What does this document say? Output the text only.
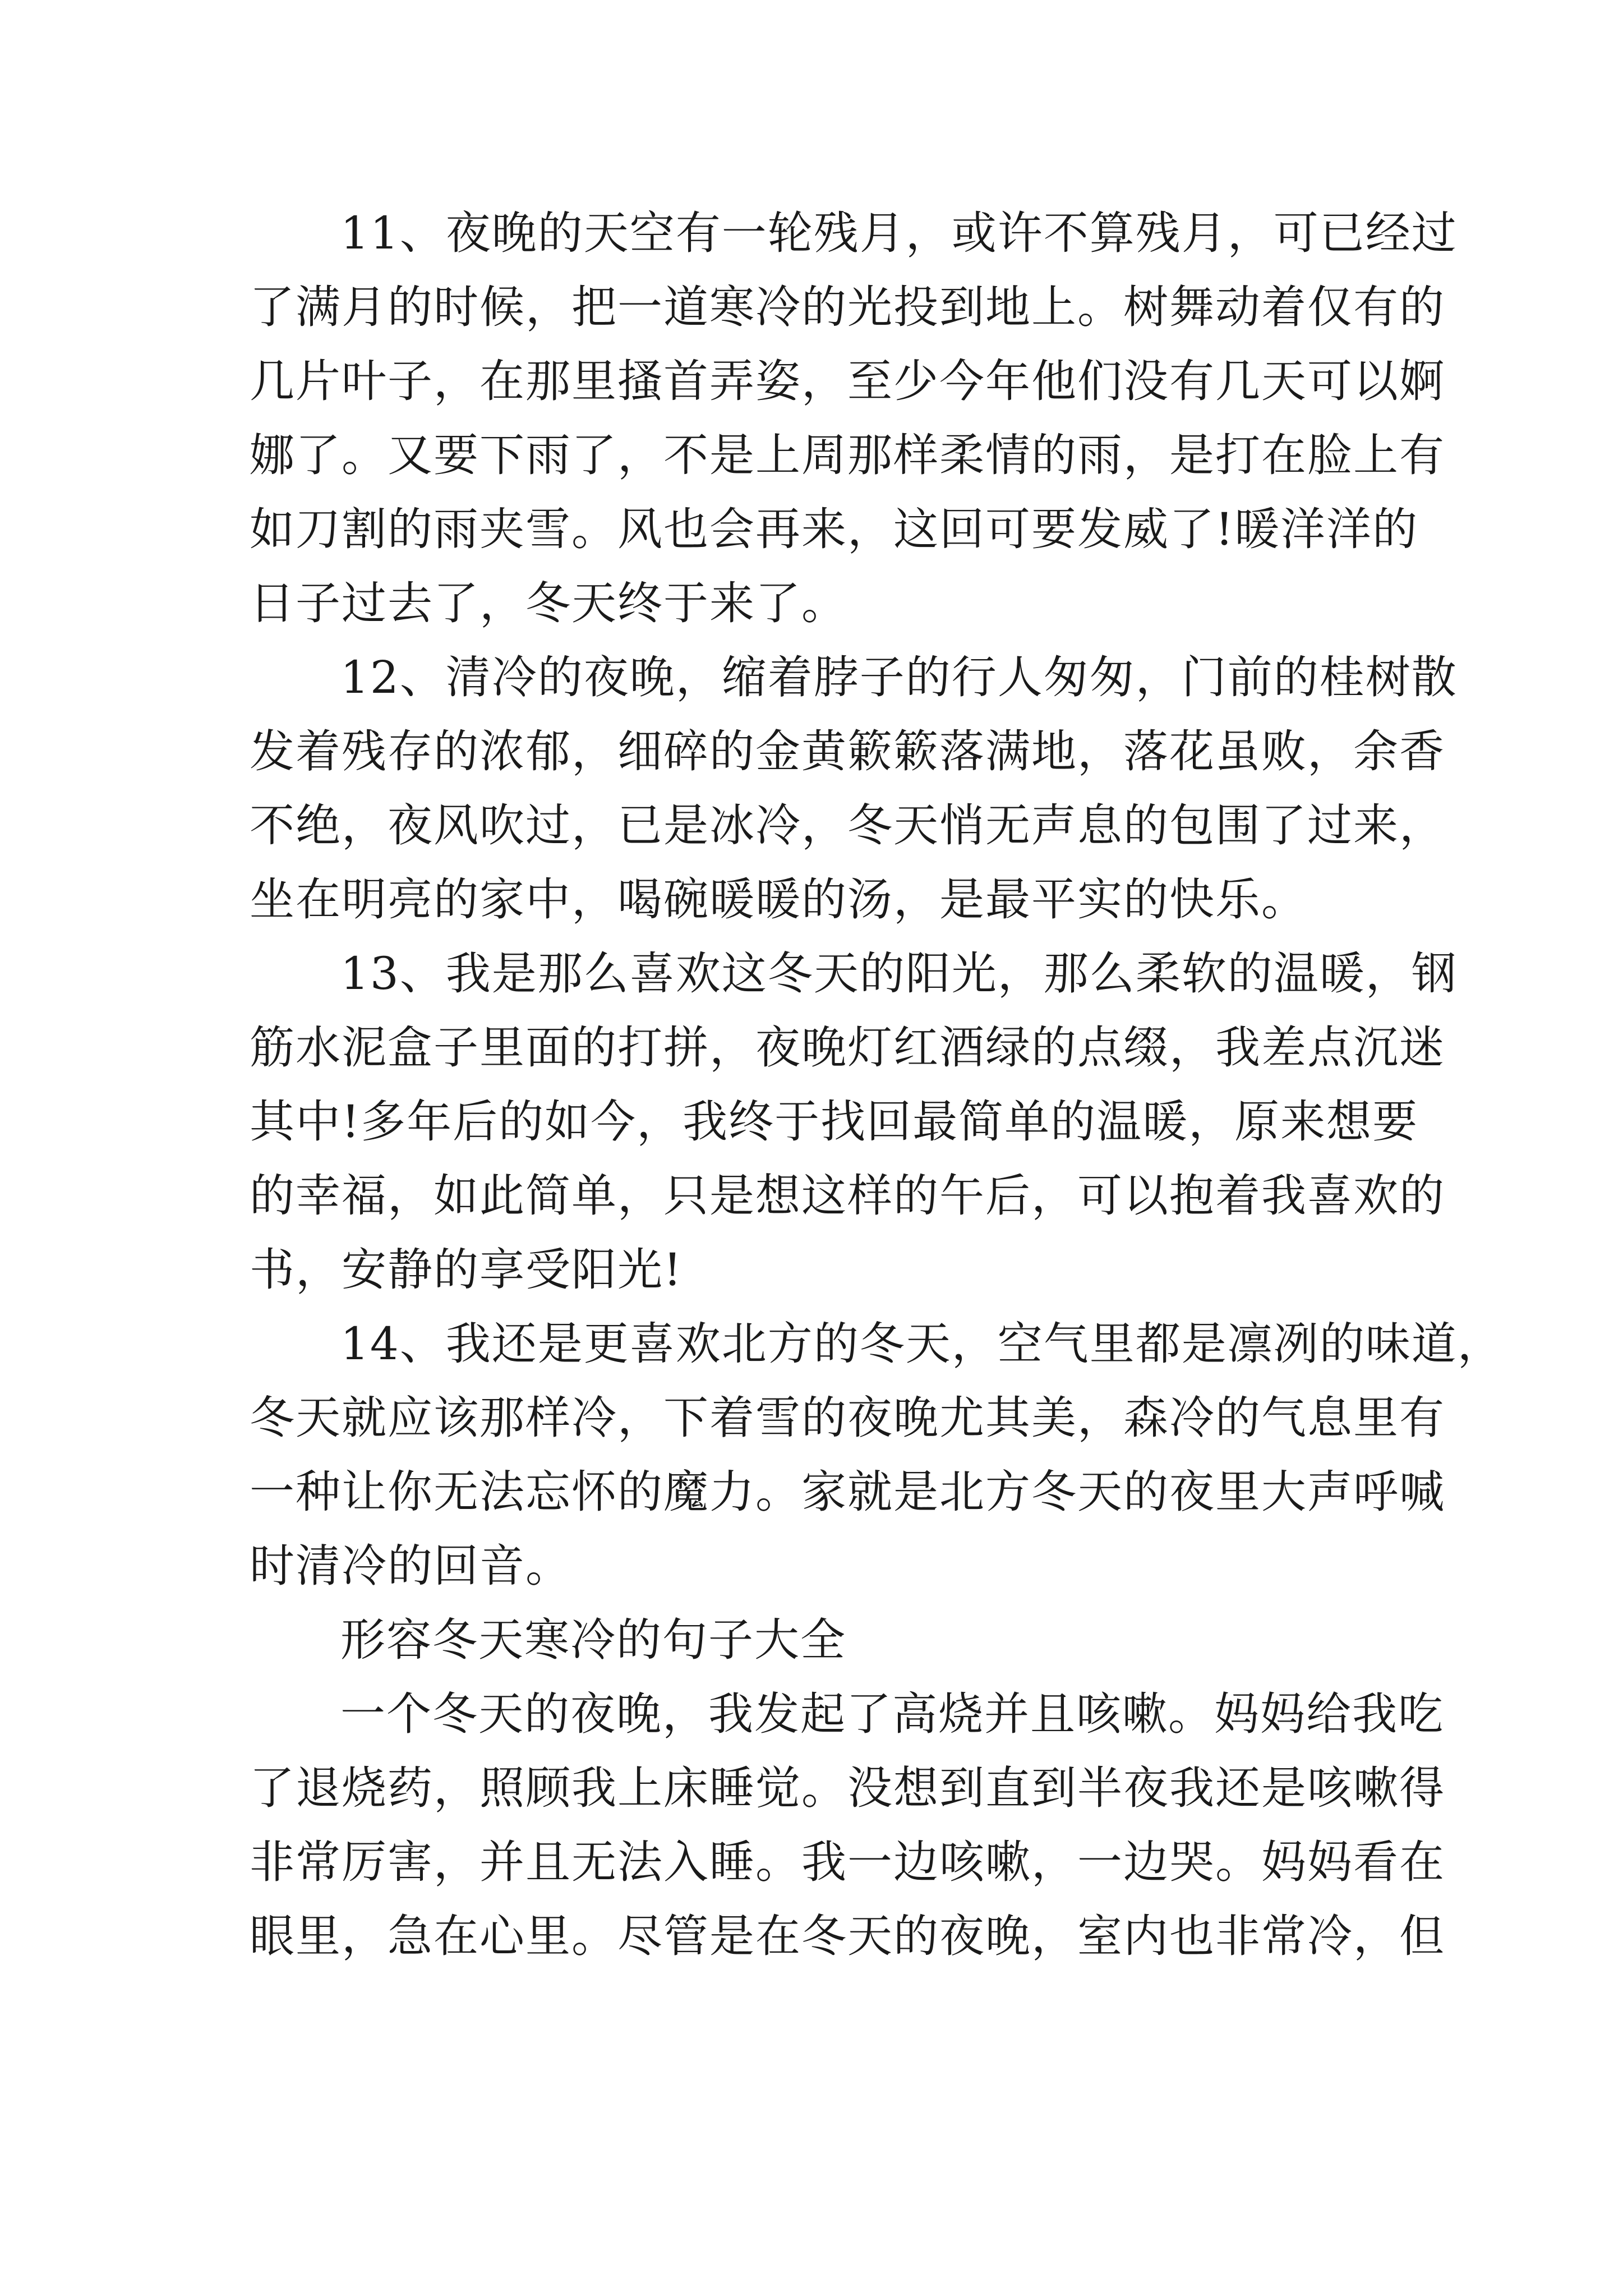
11、夜晚的天空有一轮残月，或许不算残月，可已经过
了满月的时候，把一道寒冷的光投到地上。树舞动着仅有的
几片叶子，在那里搔首弄姿，至少今年他们没有几天可以婀
娜了。又要下雨了，不是上周那样柔情的雨，是打在脸上有
如刀割的雨夹雪。风也会再来，这回可要发威了!暖洋洋的
日子过去了，冬天终于来了。
12、清冷的夜晚，缩着脖子的行人匆匆，门前的桂树散
发着残存的浓郁，细碎的金黄簌簌落满地，落花虽败，余香
不绝，夜风吹过，已是冰冷，冬天悄无声息的包围了过来，
坐在明亮的家中，喝碗暖暖的汤，是最平实的快乐。
13、我是那么喜欢这冬天的阳光，那么柔软的温暖，钢
筋水泥盒子里面的打拼，夜晚灯红酒绿的点缀，我差点沉迷
其中!多年后的如今，我终于找回最简单的温暖，原来想要
的幸福，如此简单，只是想这样的午后，可以抱着我喜欢的
书，安静的享受阳光!
14、我还是更喜欢北方的冬天，空气里都是凛冽的味道，
冬天就应该那样冷，下着雪的夜晚尤其美，森冷的气息里有
一种让你无法忘怀的魔力。家就是北方冬天的夜里大声呼喊
时清冷的回音。
形容冬天寒冷的句子大全
一个冬天的夜晚，我发起了高烧并且咳嗽。妈妈给我吃
了退烧药，照顾我上床睡觉。没想到直到半夜我还是咳嗽得
非常厉害，并且无法入睡。我一边咳嗽，一边哭。妈妈看在
眼里，急在心里。尽管是在冬天的夜晚，室内也非常冷，但
